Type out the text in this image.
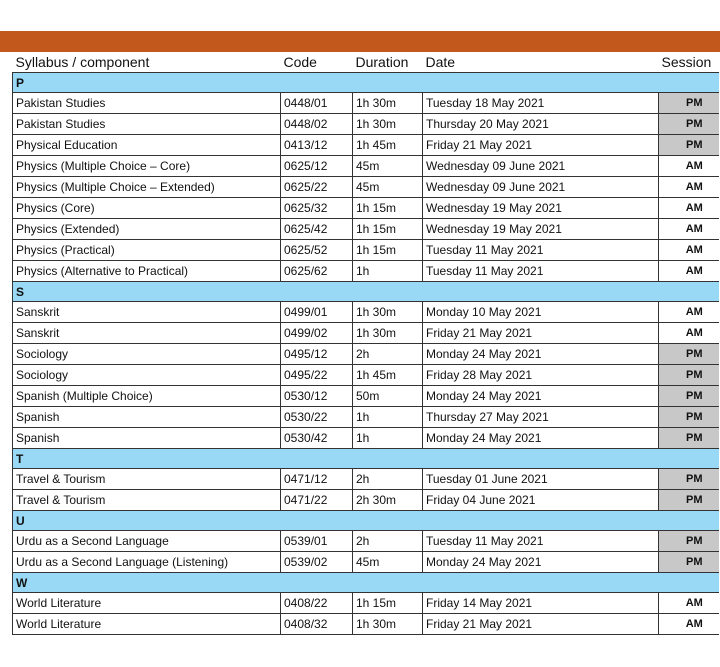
Syllabus / component	Code	Duration	Date	Session
P				
Pakistan Studies	0448/01	1h 30m	Tuesday 18 May 2021	PM
Pakistan Studies	0448/02	1h 30m	Thursday 20 May 2021	PM
Physical Education	0413/12	1h 45m	Friday 21 May 2021	PM
Physics (Multiple Choice – Core)	0625/12	45m	Wednesday 09 June 2021	AM
Physics (Multiple Choice – Extended)	0625/22	45m	Wednesday 09 June 2021	AM
Physics (Core)	0625/32	1h 15m	Wednesday 19 May 2021	AM
Physics (Extended)	0625/42	1h 15m	Wednesday 19 May 2021	AM
Physics (Practical)	0625/52	1h 15m	Tuesday 11 May 2021	AM
Physics (Alternative to Practical)	0625/62	1h	Tuesday 11 May 2021	AM
S				
Sanskrit	0499/01	1h 30m	Monday 10 May 2021	AM
Sanskrit	0499/02	1h 30m	Friday 21 May 2021	AM
Sociology	0495/12	2h	Monday 24 May 2021	PM
Sociology	0495/22	1h 45m	Friday 28 May 2021	PM
Spanish (Multiple Choice)	0530/12	50m	Monday 24 May 2021	PM
Spanish	0530/22	1h	Thursday 27 May 2021	PM
Spanish	0530/42	1h	Monday 24 May 2021	PM
T				
Travel & Tourism	0471/12	2h	Tuesday 01 June 2021	PM
Travel & Tourism	0471/22	2h 30m	Friday 04 June 2021	PM
U				
Urdu as a Second Language	0539/01	2h	Tuesday 11 May 2021	PM
Urdu as a Second Language (Listening)	0539/02	45m	Monday 24 May 2021	PM
W				
World Literature	0408/22	1h 15m	Friday 14 May 2021	AM
World Literature	0408/32	1h 30m	Friday 21 May 2021	AM
